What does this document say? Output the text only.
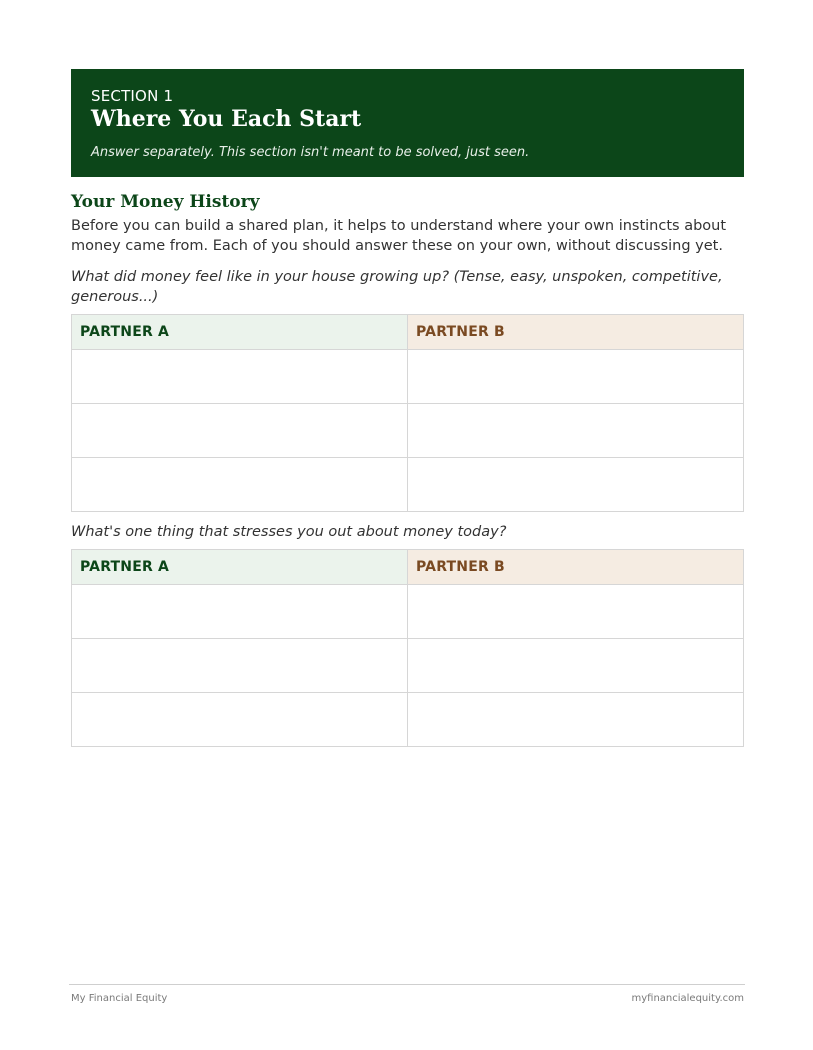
SECTION 1
Where You Each Start
Answer separately. This section isn't meant to be solved, just seen.
Your Money History
Before you can build a shared plan, it helps to understand where your own instincts about money came from. Each of you should answer these on your own, without discussing yet.
What did money feel like in your house growing up? (Tense, easy, unspoken, competitive, generous...)
PARTNER A	PARTNER B

What's one thing that stresses you out about money today?
PARTNER A	PARTNER B

My Financial Equity	myfinancialequity.com
